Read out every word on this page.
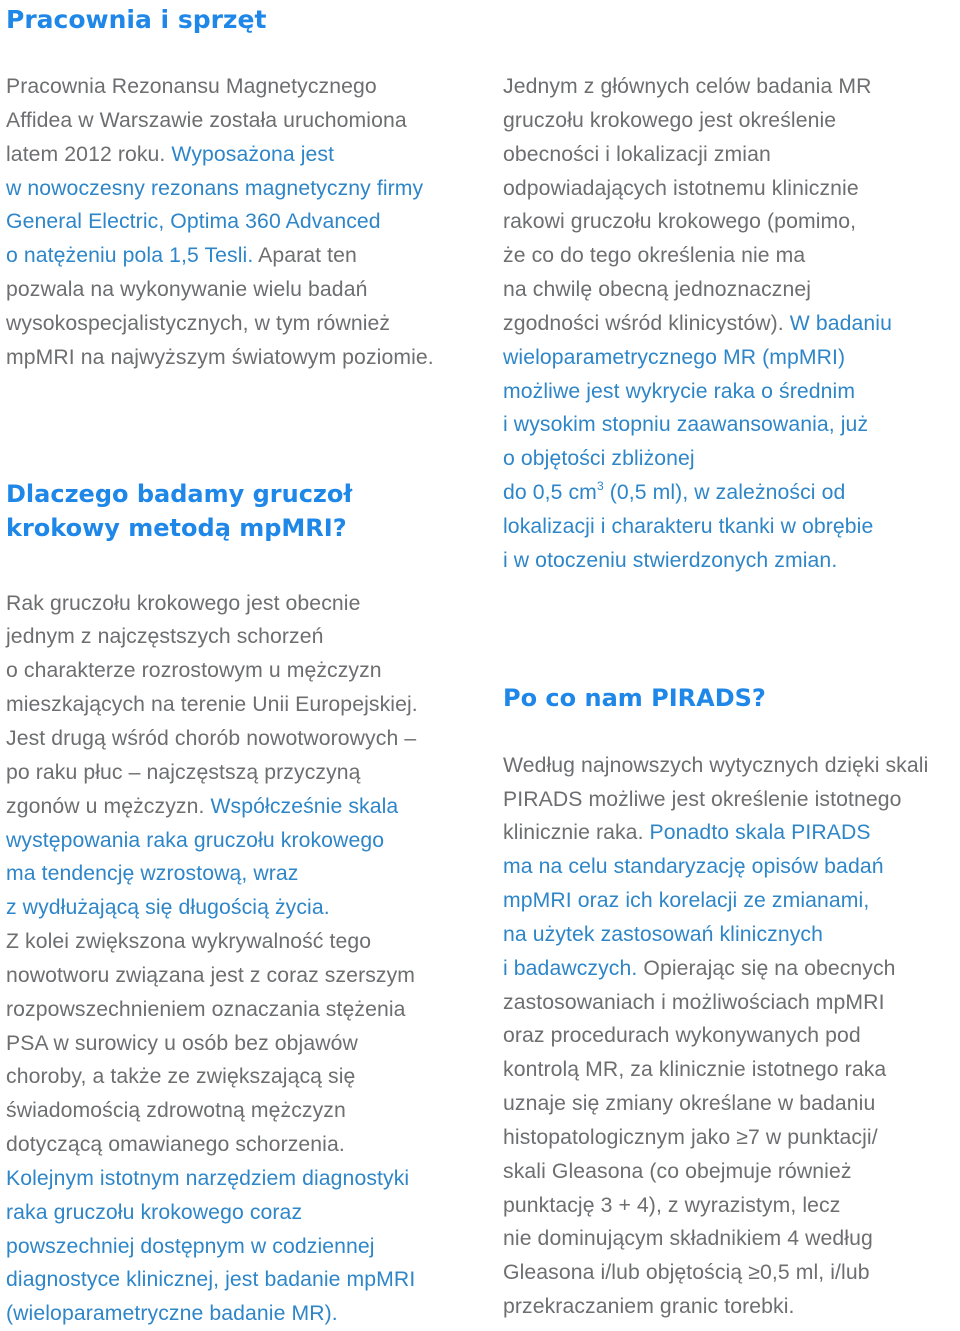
Pracownia i sprzęt

Pracownia Rezonansu Magnetycznego
Affidea w Warszawie została uruchomiona
latem 2012 roku. Wyposażona jest
w nowoczesny rezonans magnetyczny firmy
General Electric, Optima 360 Advanced
o natężeniu pola 1,5 Tesli. Aparat ten
pozwala na wykonywanie wielu badań
wysokospecjalistycznych, w tym również
mpMRI na najwyższym światowym poziomie.

Dlaczego badamy gruczoł
krokowy metodą mpMRI?

Rak gruczołu krokowego jest obecnie
jednym z najczęstszych schorzeń
o charakterze rozrostowym u mężczyzn
mieszkających na terenie Unii Europejskiej.
Jest drugą wśród chorób nowotworowych –
po raku płuc – najczęstszą przyczyną
zgonów u mężczyzn. Współcześnie skala
występowania raka gruczołu krokowego
ma tendencję wzrostową, wraz
z wydłużającą się długością życia.
Z kolei zwiększona wykrywalność tego
nowotworu związana jest z coraz szerszym
rozpowszechnieniem oznaczania stężenia
PSA w surowicy u osób bez objawów
choroby, a także ze zwiększającą się
świadomością zdrowotną mężczyzn
dotyczącą omawianego schorzenia.
Kolejnym istotnym narzędziem diagnostyki
raka gruczołu krokowego coraz
powszechniej dostępnym w codziennej
diagnostyce klinicznej, jest badanie mpMRI
(wieloparametryczne badanie MR).

Jednym z głównych celów badania MR
gruczołu krokowego jest określenie
obecności i lokalizacji zmian
odpowiadających istotnemu klinicznie
rakowi gruczołu krokowego (pomimo,
że co do tego określenia nie ma
na chwilę obecną jednoznacznej
zgodności wśród klinicystów). W badaniu
wieloparametrycznego MR (mpMRI)
możliwe jest wykrycie raka o średnim
i wysokim stopniu zaawansowania, już
o objętości zbliżonej
do 0,5 $cm^3$ (0,5 ml), w zależności od
lokalizacji i charakteru tkanki w obrębie
i w otoczeniu stwierdzonych zmian.

Po co nam PIRADS?

Według najnowszych wytycznych dzięki skali
PIRADS możliwe jest określenie istotnego
klinicznie raka. Ponadto skala PIRADS
ma na celu standaryzację opisów badań
mpMRI oraz ich korelacji ze zmianami,
na użytek zastosowań klinicznych
i badawczych. Opierając się na obecnych
zastosowaniach i możliwościach mpMRI
oraz procedurach wykonywanych pod
kontrolą MR, za klinicznie istotnego raka
uznaje się zmiany określane w badaniu
histopatologicznym jako ≥7 w punktacji/
skali Gleasona (co obejmuje również
punktację 3 + 4), z wyrazistym, lecz
nie dominującym składnikiem 4 według
Gleasona i/lub objętością ≥0,5 ml, i/lub
przekraczaniem granic torebki.
